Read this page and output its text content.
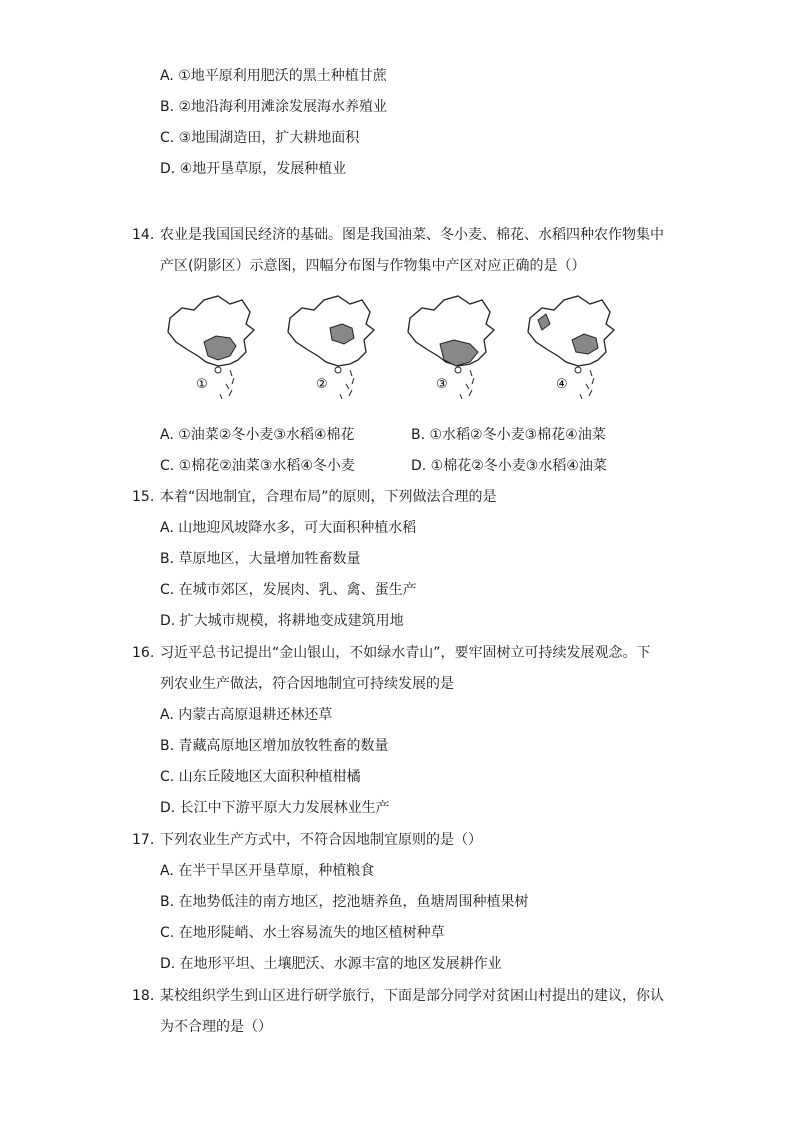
A. ①地平原利用肥沃的黑土种植甘蔗
B. ②地沿海利用滩涂发展海水养殖业
C. ③地围湖造田，扩大耕地面积
D. ④地开垦草原，发展种植业
14. 农业是我国国民经济的基础。图是我国油菜、冬小麦、棉花、水稻四种农作物集中
产区(阴影区）示意图，四幅分布图与作物集中产区对应正确的是（）
①	②	③	④
A. ①油菜②冬小麦③水稻④棉花	B. ①水稻②冬小麦③棉花④油菜
C. ①棉花②油菜③水稻④冬小麦	D. ①棉花②冬小麦③水稻④油菜
15. 本着“因地制宜，合理布局”的原则，下列做法合理的是
A. 山地迎风坡降水多，可大面积种植水稻
B. 草原地区，大量增加牲畜数量
C. 在城市郊区，发展肉、乳、禽、蛋生产
D. 扩大城市规模，将耕地变成建筑用地
16. 习近平总书记提出“金山银山，不如绿水青山”，要牢固树立可持续发展观念。下
列农业生产做法，符合因地制宜可持续发展的是
A. 内蒙古高原退耕还林还草
B. 青藏高原地区增加放牧牲畜的数量
C. 山东丘陵地区大面积种植柑橘
D. 长江中下游平原大力发展林业生产
17. 下列农业生产方式中，不符合因地制宜原则的是（）
A. 在半干旱区开垦草原，种植粮食
B. 在地势低洼的南方地区，挖池塘养鱼，鱼塘周围种植果树
C. 在地形陡峭、水土容易流失的地区植树种草
D. 在地形平坦、土壤肥沃、水源丰富的地区发展耕作业
18. 某校组织学生到山区进行研学旅行，下面是部分同学对贫困山村提出的建议，你认
为不合理的是（）
